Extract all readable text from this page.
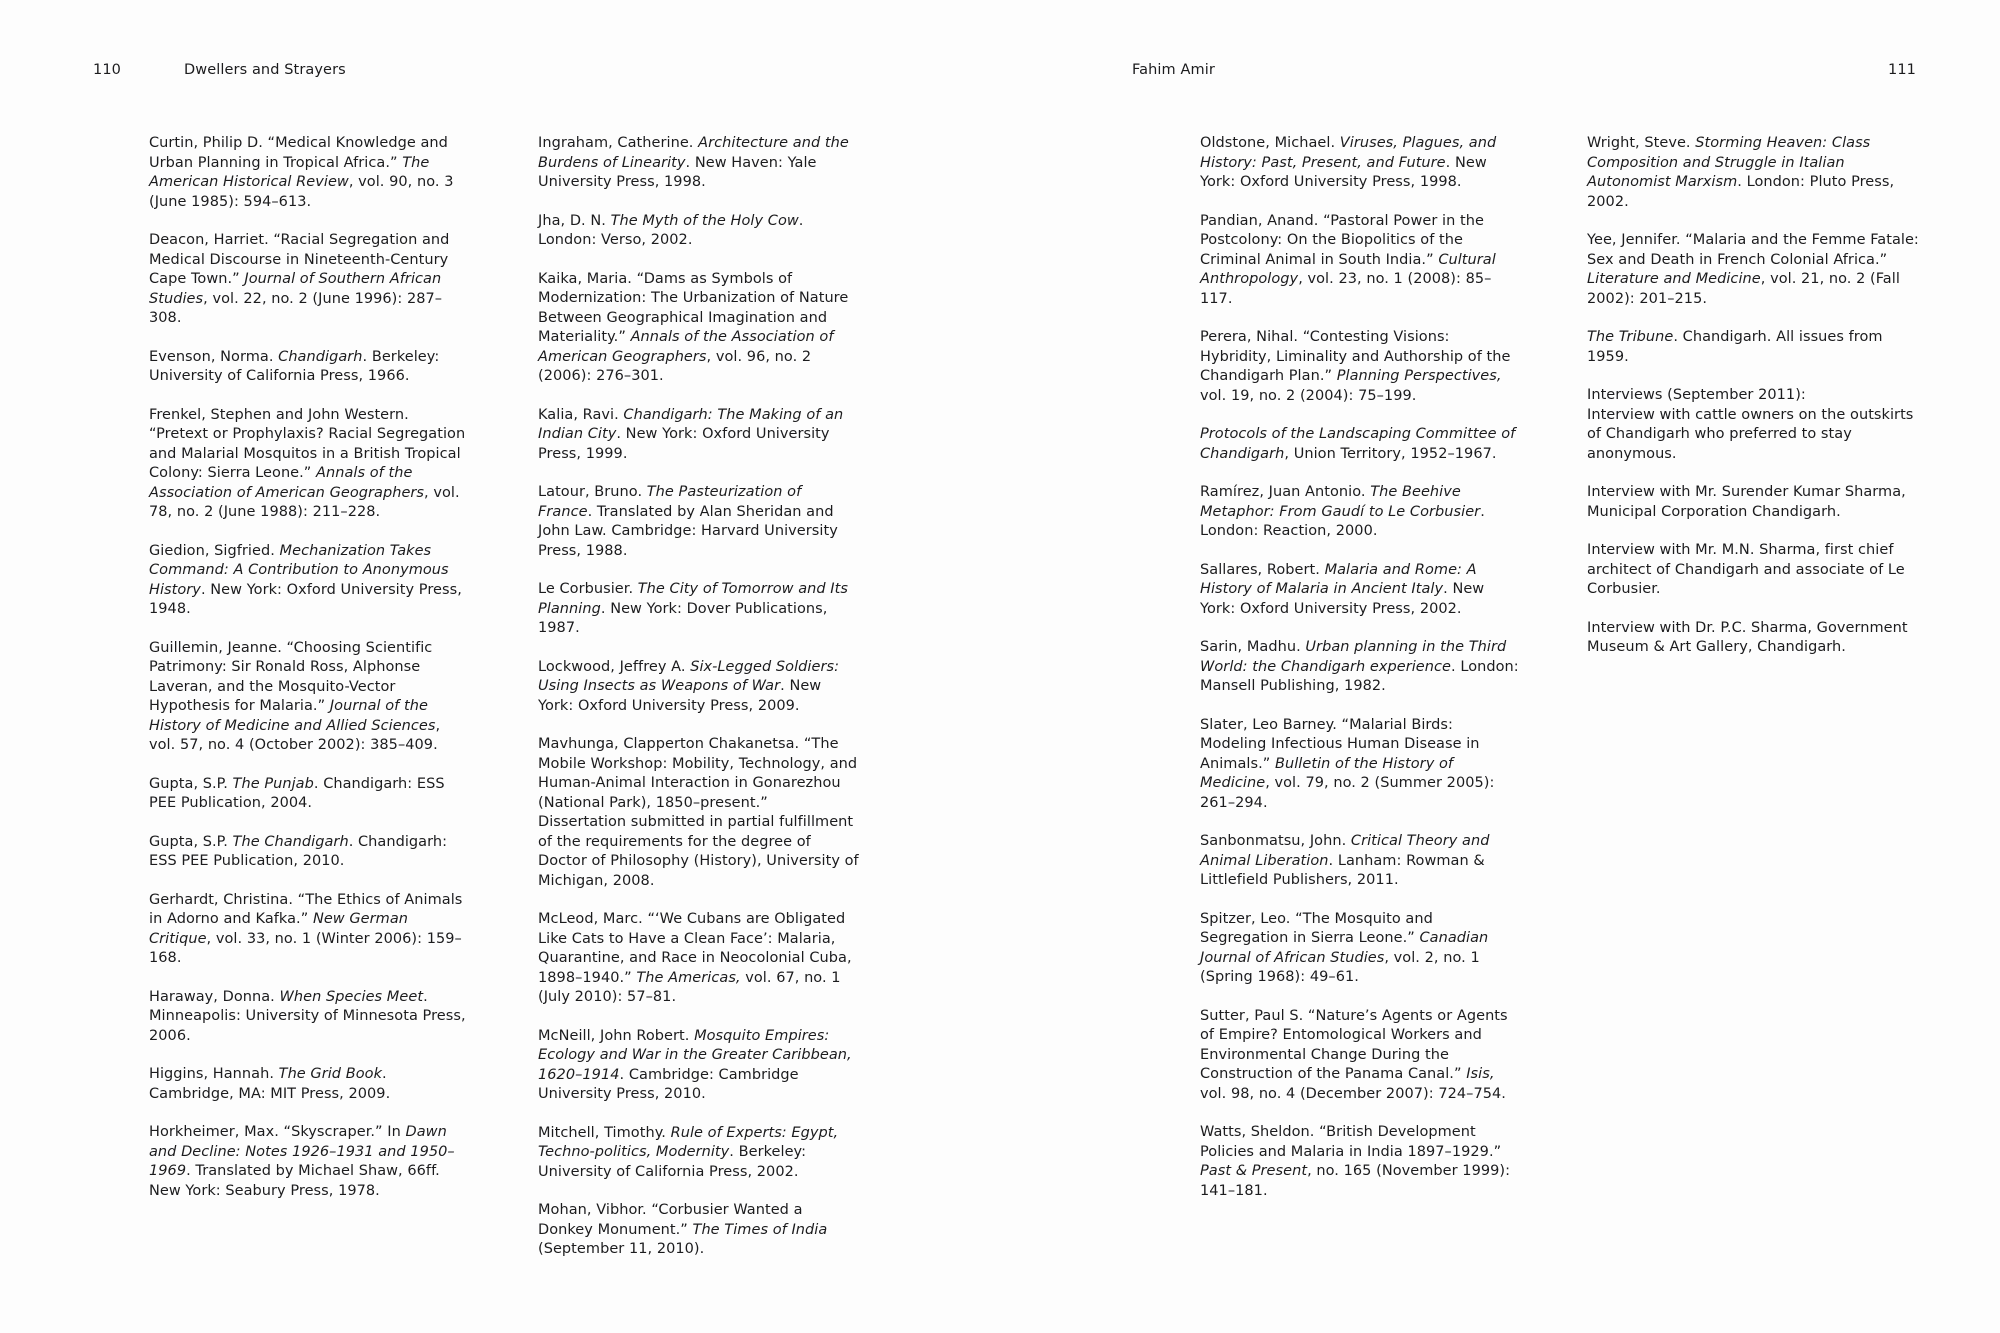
110	Dwellers and Strayers	Fahim Amir	111

Curtin, Philip D. “Medical Knowledge and Urban Planning in Tropical Africa.” The American Historical Review, vol. 90, no. 3 (June 1985): 594–613.

Deacon, Harriet. “Racial Segregation and Medical Discourse in Nineteenth-Century Cape Town.” Journal of Southern African Studies, vol. 22, no. 2 (June 1996): 287–308.

Evenson, Norma. Chandigarh. Berkeley: University of California Press, 1966.

Frenkel, Stephen and John Western. “Pretext or Prophylaxis? Racial Segregation and Malarial Mosquitos in a British Tropical Colony: Sierra Leone.” Annals of the Association of American Geographers, vol. 78, no. 2 (June 1988): 211–228.

Giedion, Sigfried. Mechanization Takes Command: A Contribution to Anonymous History. New York: Oxford University Press, 1948.

Guillemin, Jeanne. “Choosing Scientific Patrimony: Sir Ronald Ross, Alphonse Laveran, and the Mosquito-Vector Hypothesis for Malaria.” Journal of the History of Medicine and Allied Sciences, vol. 57, no. 4 (October 2002): 385–409.

Gupta, S.P. The Punjab. Chandigarh: ESS PEE Publication, 2004.

Gupta, S.P. The Chandigarh. Chandigarh: ESS PEE Publication, 2010.

Gerhardt, Christina. “The Ethics of Animals in Adorno and Kafka.” New German Critique, vol. 33, no. 1 (Winter 2006): 159–168.

Haraway, Donna. When Species Meet. Minneapolis: University of Minnesota Press, 2006.

Higgins, Hannah. The Grid Book. Cambridge, MA: MIT Press, 2009.

Horkheimer, Max. “Skyscraper.” In Dawn and Decline: Notes 1926–1931 and 1950–1969. Translated by Michael Shaw, 66ff. New York: Seabury Press, 1978.

Ingraham, Catherine. Architecture and the Burdens of Linearity. New Haven: Yale University Press, 1998.

Jha, D. N. The Myth of the Holy Cow. London: Verso, 2002.

Kaika, Maria. “Dams as Symbols of Modernization: The Urbanization of Nature Between Geographical Imagination and Materiality.” Annals of the Association of American Geographers, vol. 96, no. 2 (2006): 276–301.

Kalia, Ravi. Chandigarh: The Making of an Indian City. New York: Oxford University Press, 1999.

Latour, Bruno. The Pasteurization of France. Translated by Alan Sheridan and John Law. Cambridge: Harvard University Press, 1988.

Le Corbusier. The City of Tomorrow and Its Planning. New York: Dover Publications, 1987.

Lockwood, Jeffrey A. Six-Legged Soldiers: Using Insects as Weapons of War. New York: Oxford University Press, 2009.

Mavhunga, Clapperton Chakanetsa. “The Mobile Workshop: Mobility, Technology, and Human-Animal Interaction in Gonarezhou (National Park), 1850–present.” Dissertation submitted in partial fulfillment of the requirements for the degree of Doctor of Philosophy (History), University of Michigan, 2008.

McLeod, Marc. “‘We Cubans are Obligated Like Cats to Have a Clean Face’: Malaria, Quarantine, and Race in Neocolonial Cuba, 1898–1940.” The Americas, vol. 67, no. 1 (July 2010): 57–81.

McNeill, John Robert. Mosquito Empires: Ecology and War in the Greater Caribbean, 1620–1914. Cambridge: Cambridge University Press, 2010.

Mitchell, Timothy. Rule of Experts: Egypt, Techno-politics, Modernity. Berkeley: University of California Press, 2002.

Mohan, Vibhor. “Corbusier Wanted a Donkey Monument.” The Times of India (September 11, 2010).

Oldstone, Michael. Viruses, Plagues, and History: Past, Present, and Future. New York: Oxford University Press, 1998.

Pandian, Anand. “Pastoral Power in the Postcolony: On the Biopolitics of the Criminal Animal in South India.” Cultural Anthropology, vol. 23, no. 1 (2008): 85–117.

Perera, Nihal. “Contesting Visions: Hybridity, Liminality and Authorship of the Chandigarh Plan.” Planning Perspectives, vol. 19, no. 2 (2004): 75–199.

Protocols of the Landscaping Committee of Chandigarh, Union Territory, 1952–1967.

Ramírez, Juan Antonio. The Beehive Metaphor: From Gaudí to Le Corbusier. London: Reaction, 2000.

Sallares, Robert. Malaria and Rome: A History of Malaria in Ancient Italy. New York: Oxford University Press, 2002.

Sarin, Madhu. Urban planning in the Third World: the Chandigarh experience. London: Mansell Publishing, 1982.

Slater, Leo Barney. “Malarial Birds: Modeling Infectious Human Disease in Animals.” Bulletin of the History of Medicine, vol. 79, no. 2 (Summer 2005): 261–294.

Sanbonmatsu, John. Critical Theory and Animal Liberation. Lanham: Rowman & Littlefield Publishers, 2011.

Spitzer, Leo. “The Mosquito and Segregation in Sierra Leone.” Canadian Journal of African Studies, vol. 2, no. 1 (Spring 1968): 49–61.

Sutter, Paul S. “Nature’s Agents or Agents of Empire? Entomological Workers and Environmental Change During the Construction of the Panama Canal.” Isis, vol. 98, no. 4 (December 2007): 724–754.

Watts, Sheldon. “British Development Policies and Malaria in India 1897–1929.” Past & Present, no. 165 (November 1999): 141–181.

Wright, Steve. Storming Heaven: Class Composition and Struggle in Italian Autonomist Marxism. London: Pluto Press, 2002.

Yee, Jennifer. “Malaria and the Femme Fatale: Sex and Death in French Colonial Africa.” Literature and Medicine, vol. 21, no. 2 (Fall 2002): 201–215.

The Tribune. Chandigarh. All issues from 1959.

Interviews (September 2011):
Interview with cattle owners on the outskirts of Chandigarh who preferred to stay anonymous.

Interview with Mr. Surender Kumar Sharma, Municipal Corporation Chandigarh.

Interview with Mr. M.N. Sharma, first chief architect of Chandigarh and associate of Le Corbusier.

Interview with Dr. P.C. Sharma, Government Museum & Art Gallery, Chandigarh.
